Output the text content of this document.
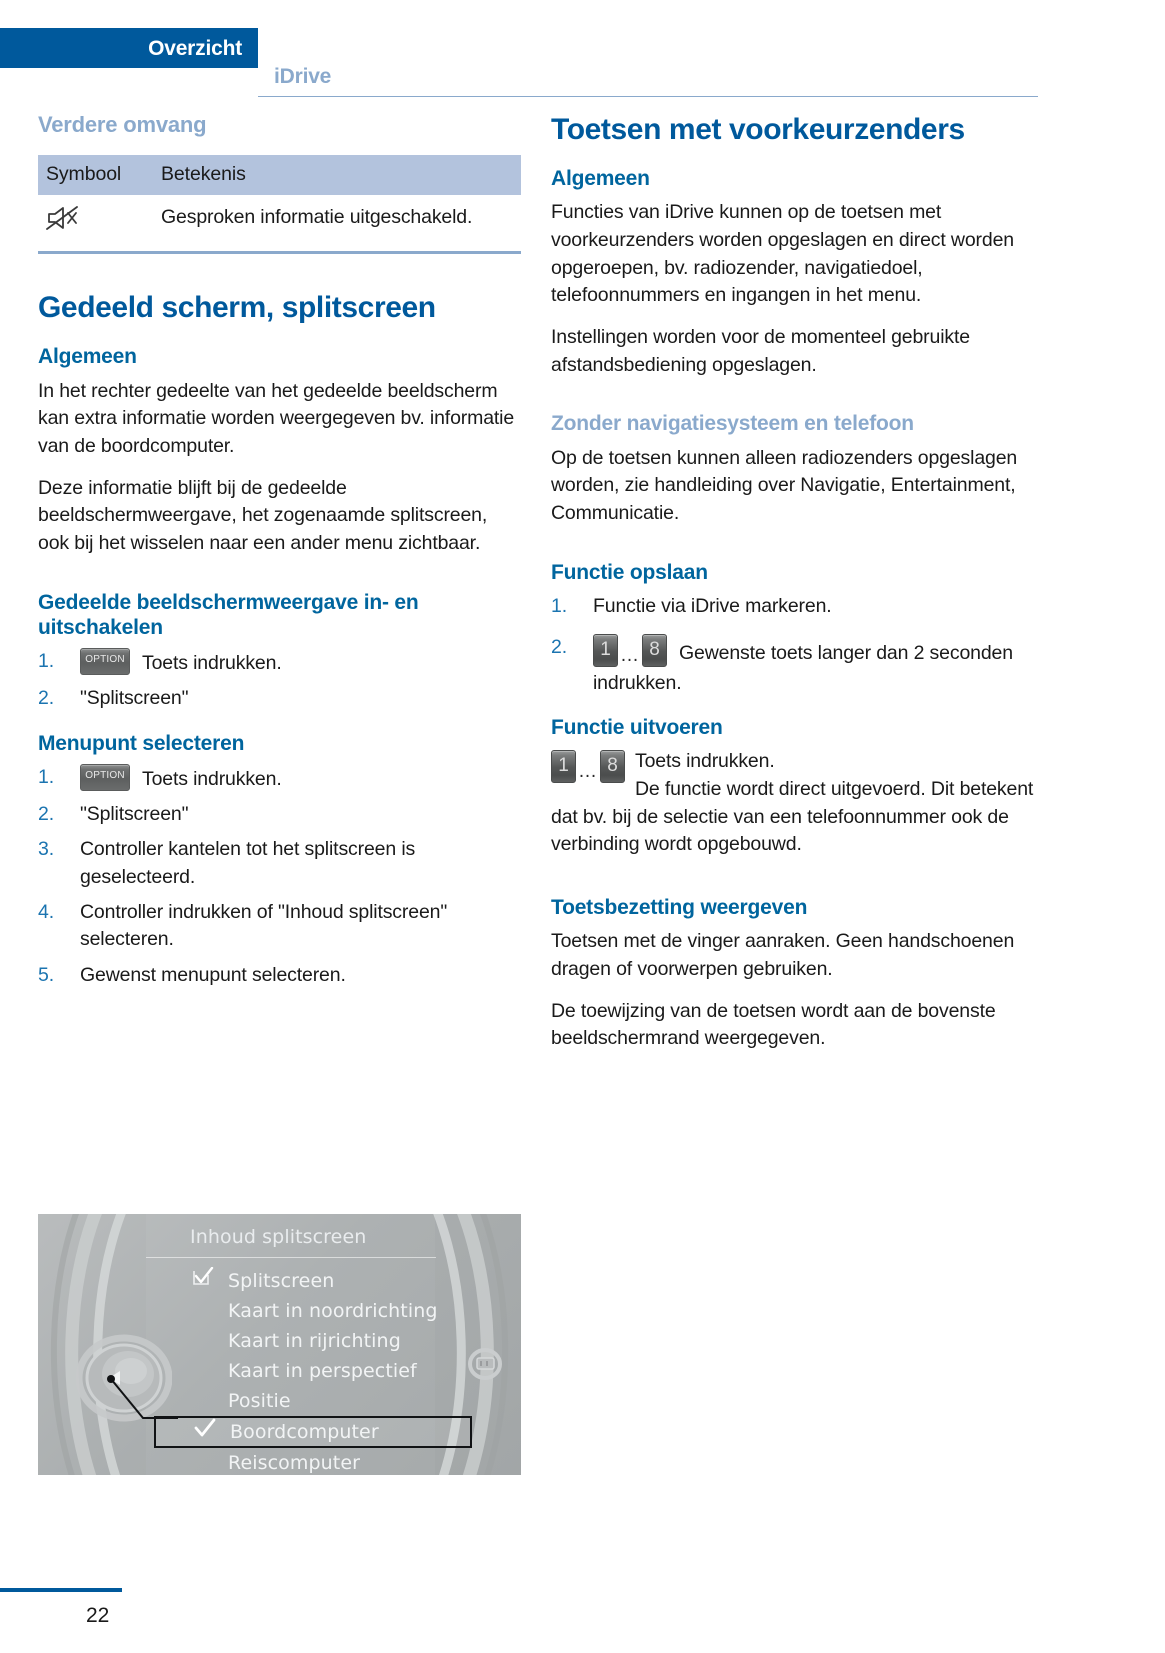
Overzicht
iDrive
Verdere omvang
Symbool	Betekenis
	Gesproken informatie uitgeschakeld.
Gedeeld scherm, splitscreen
Algemeen

In het rechter gedeelte van het gedeelde beeldscherm kan extra informatie worden weergegeven bv. informatie van de boordcomputer.

Deze informatie blijft bij de gedeelde beeldschermweergave, het zogenaamde splitscreen, ook bij het wisselen naar een ander menu zichtbaar.

Gedeelde beeldschermweergave in- en uitschakelen
1.	OPTION Toets indrukken.
2. "Splitscreen"
Menupunt selecteren
1.	OPTION Toets indrukken.
2. "Splitscreen"
3. Controller kantelen tot het splitscreen is geselecteerd.
4. Controller indrukken of "Inhoud splitscreen" selecteren.
5. Gewenst menupunt selecteren.
Inhoud splitscreen
Splitscreen
Kaart in noordrichting
Kaart in rijrichting
Kaart in perspectief
Positie
Boordcomputer
Reiscomputer
Toetsen met voorkeurzenders
Algemeen

Functies van iDrive kunnen op de toetsen met voorkeurzenders worden opgeslagen en direct worden opgeroepen, bv. radiozender, navigatiedoel, telefoonnummers en ingangen in het menu.

Instellingen worden voor de momenteel gebruikte afstandsbediening opgeslagen.

Zonder navigatiesysteem en telefoon

Op de toetsen kunnen alleen radiozenders opgeslagen worden, zie handleiding over Navigatie, Entertainment, Communicatie.

Functie opslaan
1. Functie via iDrive markeren.
2.	1 … 8 Gewenste toets langer dan 2 seconden indrukken.
Functie uitvoeren
1 … 8 Toets indrukken.
De functie wordt direct uitgevoerd. Dit betekent dat bv. bij de selectie van een telefoonnummer ook de verbinding wordt opgebouwd.
Toetsbezetting weergeven

Toetsen met de vinger aanraken. Geen handschoenen dragen of voorwerpen gebruiken.

De toewijzing van de toetsen wordt aan de bovenste beeldschermrand weergegeven.

22
